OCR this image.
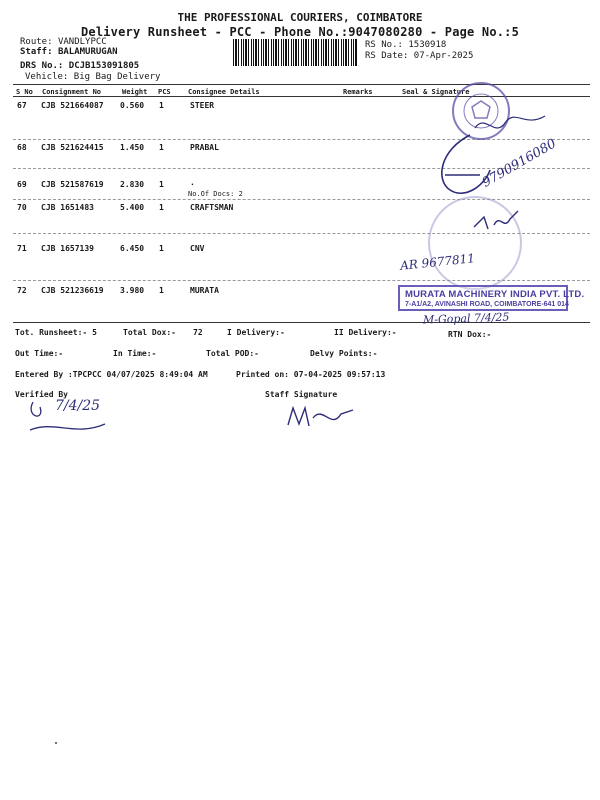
THE PROFESSIONAL COURIERS, COIMBATORE
Delivery Runsheet - PCC - Phone No.:9047080280 - Page No.:5
Route: VANDLYPCC
Staff: BALAMURUGAN
DRS No.: DCJB153091805
Vehicle: Big Bag Delivery
RS No.: 1530918
RS Date: 07-Apr-2025
S No Consignment No	Weight PCS Consignee Details	Remarks	Seal & Signature
67 CJB 521664087 0.560 1	STEER
68 CJB 521624415 1.450 1	PRABAL
69 CJB 521587619 2.830 1	.
No.Of Docs: 2
70 CJB 1651483	5.400 1	CRAFTSMAN
71 CJB 1657139	6.450 1	CNV
72 CJB 521236619 3.980 1	MURATA
9790916080
AR 9677811
MURATA MACHINERY INDIA PVT. LTD.
7-A1/A2, AVINASHI ROAD, COIMBATORE-641 014
M-Gopal 7/4/25
Tot. Runsheet:- 5	Total Dox:- 72	I Delivery:-	II Delivery:-	RTN Dox:-
Out Time:-	In Time:-	Total POD:-	Delvy Points:-
Entered By :TPCPCC 04/07/2025 8:49:04 AM	Printed on: 07-04-2025 09:57:13
Verified By	Staff Signature
7/4/25
